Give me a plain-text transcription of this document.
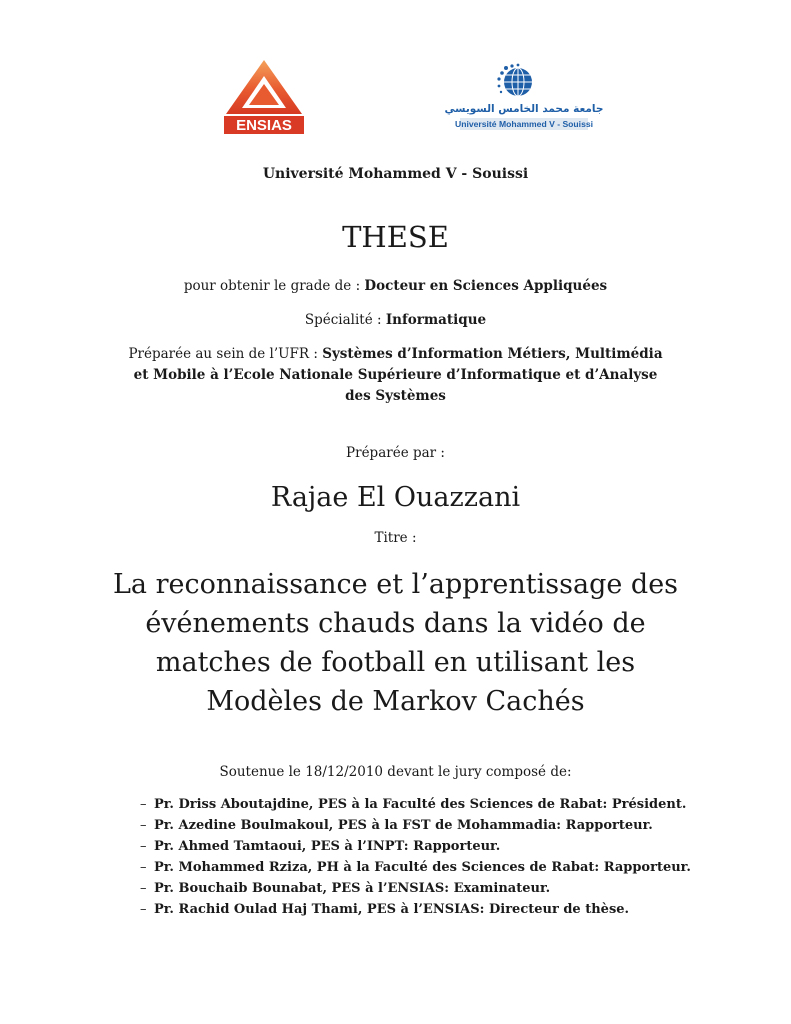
ENSIAS
جامعة محمد الخامس السويسي
Université Mohammed V - Souissi
Université Mohammed V - Souissi
THESE
pour obtenir le grade de : Docteur en Sciences Appliquées
Spécialité : Informatique
Préparée au sein de l’UFR : Systèmes d’Information Métiers, Multimédia
et Mobile à l’Ecole Nationale Supérieure d’Informatique et d’Analyse
des Systèmes
Préparée par :
Rajae El Ouazzani
Titre :
La reconnaissance et l’apprentissage des
événements chauds dans la vidéo de
matches de football en utilisant les
Modèles de Markov Cachés
Soutenue le 18/12/2010 devant le jury composé de:
– Pr. Driss Aboutajdine, PES à la Faculté des Sciences de Rabat: Président.
– Pr. Azedine Boulmakoul, PES à la FST de Mohammadia: Rapporteur.
– Pr. Ahmed Tamtaoui, PES à l’INPT: Rapporteur.
– Pr. Mohammed Rziza, PH à la Faculté des Sciences de Rabat: Rapporteur.
– Pr. Bouchaib Bounabat, PES à l’ENSIAS: Examinateur.
– Pr. Rachid Oulad Haj Thami, PES à l’ENSIAS: Directeur de thèse.
